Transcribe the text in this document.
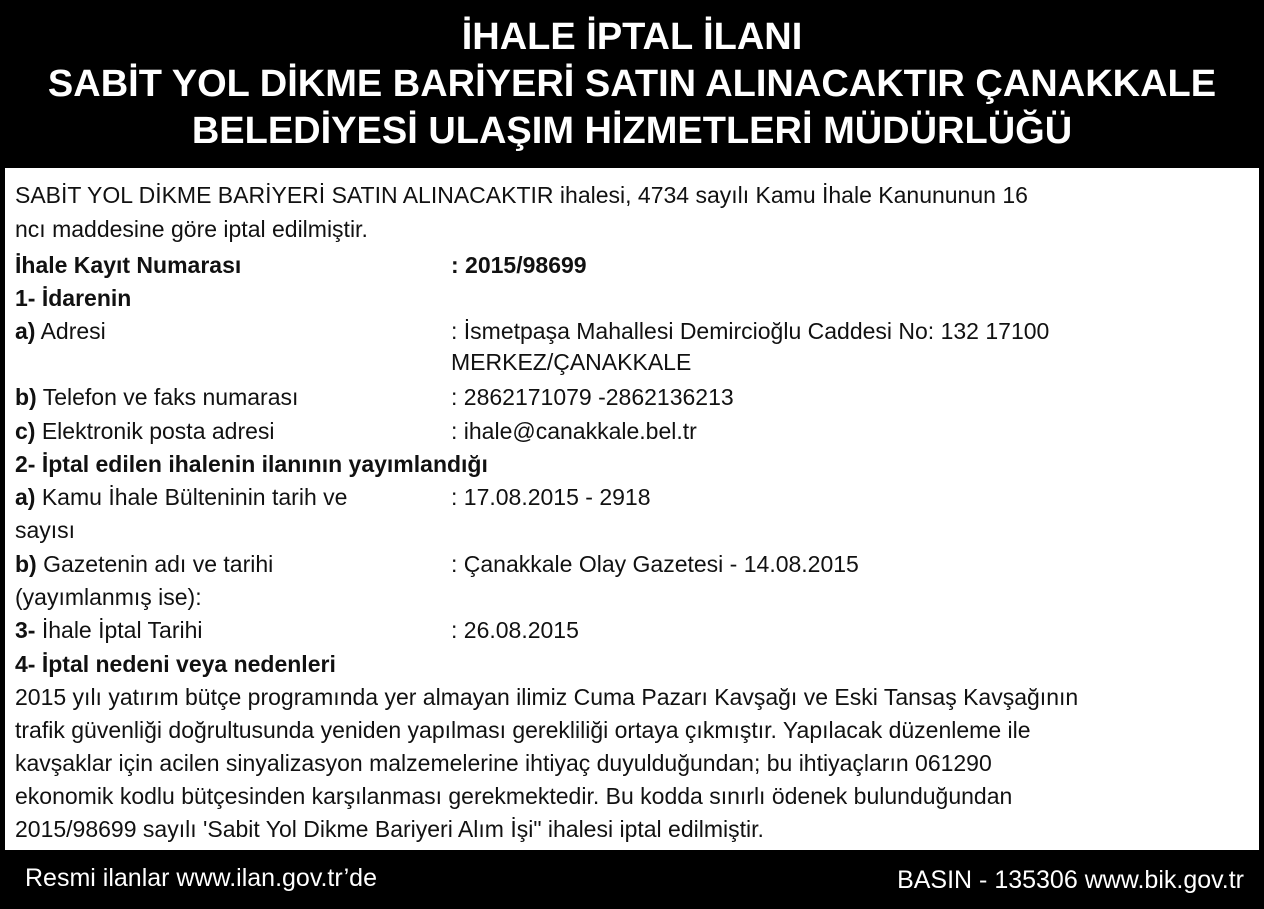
İHALE İPTAL İLANI
SABİT YOL DİKME BARİYERİ SATIN ALINACAKTIR ÇANAKKALE
BELEDİYESİ ULAŞIM HİZMETLERİ MÜDÜRLÜĞÜ
SABİT YOL DİKME BARİYERİ SATIN ALINACAKTIR ihalesi, 4734 sayılı Kamu İhale Kanununun 16
ncı maddesine göre iptal edilmiştir.
İhale Kayıt Numarası	: 2015/98699
1- İdarenin
a) Adresi	: İsmetpaşa Mahallesi Demircioğlu Caddesi No: 132 17100
MERKEZ/ÇANAKKALE
b) Telefon ve faks numarası	: 2862171079 -2862136213
c) Elektronik posta adresi	: ihale@canakkale.bel.tr
2- İptal edilen ihalenin ilanının yayımlandığı
a) Kamu İhale Bülteninin tarih ve	: 17.08.2015 - 2918
sayısı
b) Gazetenin adı ve tarihi	: Çanakkale Olay Gazetesi - 14.08.2015
(yayımlanmış ise):
3- İhale İptal Tarihi	: 26.08.2015
4- İptal nedeni veya nedenleri
2015 yılı yatırım bütçe programında yer almayan ilimiz Cuma Pazarı Kavşağı ve Eski Tansaş Kavşağının
trafik güvenliği doğrultusunda yeniden yapılması gerekliliği ortaya çıkmıştır. Yapılacak düzenleme ile
kavşaklar için acilen sinyalizasyon malzemelerine ihtiyaç duyulduğundan; bu ihtiyaçların 061290
ekonomik kodlu bütçesinden karşılanması gerekmektedir. Bu kodda sınırlı ödenek bulunduğundan
2015/98699 sayılı 'Sabit Yol Dikme Bariyeri Alım İşi" ihalesi iptal edilmiştir.
Resmi ilanlar www.ilan.gov.tr’de	BASIN - 135306 www.bik.gov.tr
